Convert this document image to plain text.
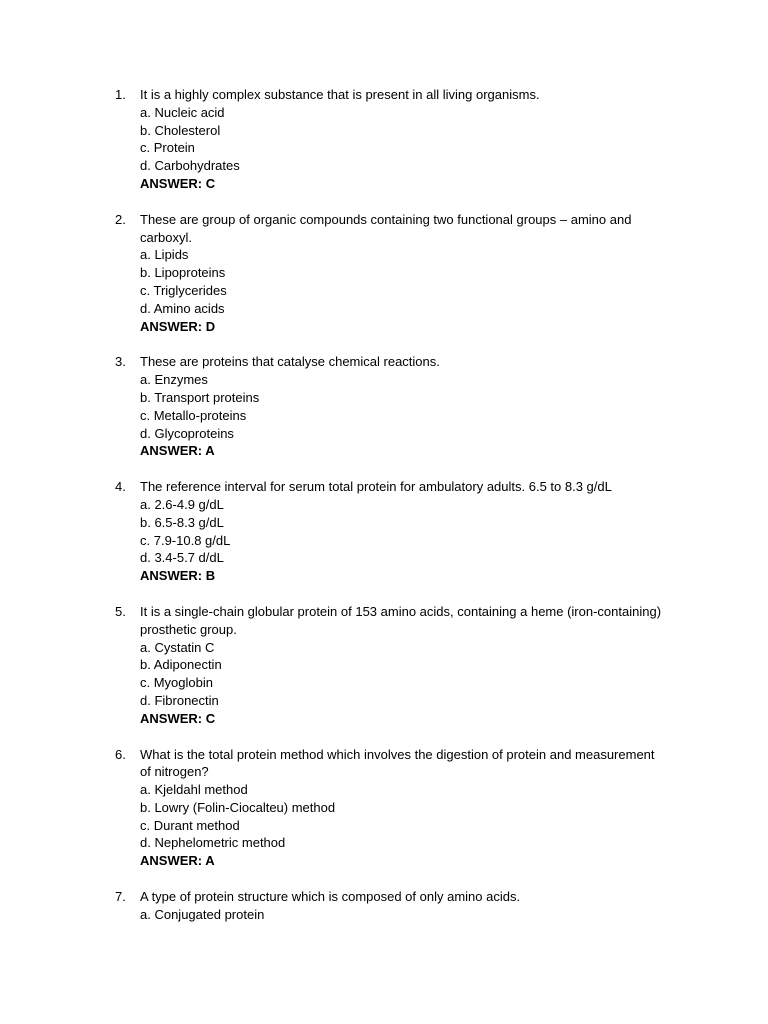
1. It is a highly complex substance that is present in all living organisms.
a. Nucleic acid
b. Cholesterol
c. Protein
d. Carbohydrates
ANSWER: C
2. These are group of organic compounds containing two functional groups – amino and carboxyl.
a. Lipids
b. Lipoproteins
c. Triglycerides
d. Amino acids
ANSWER: D
3. These are proteins that catalyse chemical reactions.
a. Enzymes
b. Transport proteins
c. Metallo-proteins
d. Glycoproteins
ANSWER: A
4. The reference interval for serum total protein for ambulatory adults. 6.5 to 8.3 g/dL
a. 2.6-4.9 g/dL
b. 6.5-8.3 g/dL
c. 7.9-10.8 g/dL
d. 3.4-5.7 d/dL
ANSWER: B
5. It is a single-chain globular protein of 153 amino acids, containing a heme (iron-containing) prosthetic group.
a. Cystatin C
b. Adiponectin
c. Myoglobin
d. Fibronectin
ANSWER: C
6. What is the total protein method which involves the digestion of protein and measurement of nitrogen?
a. Kjeldahl method
b. Lowry (Folin-Ciocalteu) method
c. Durant method
d. Nephelometric method
ANSWER: A
7. A type of protein structure which is composed of only amino acids.
a. Conjugated protein
